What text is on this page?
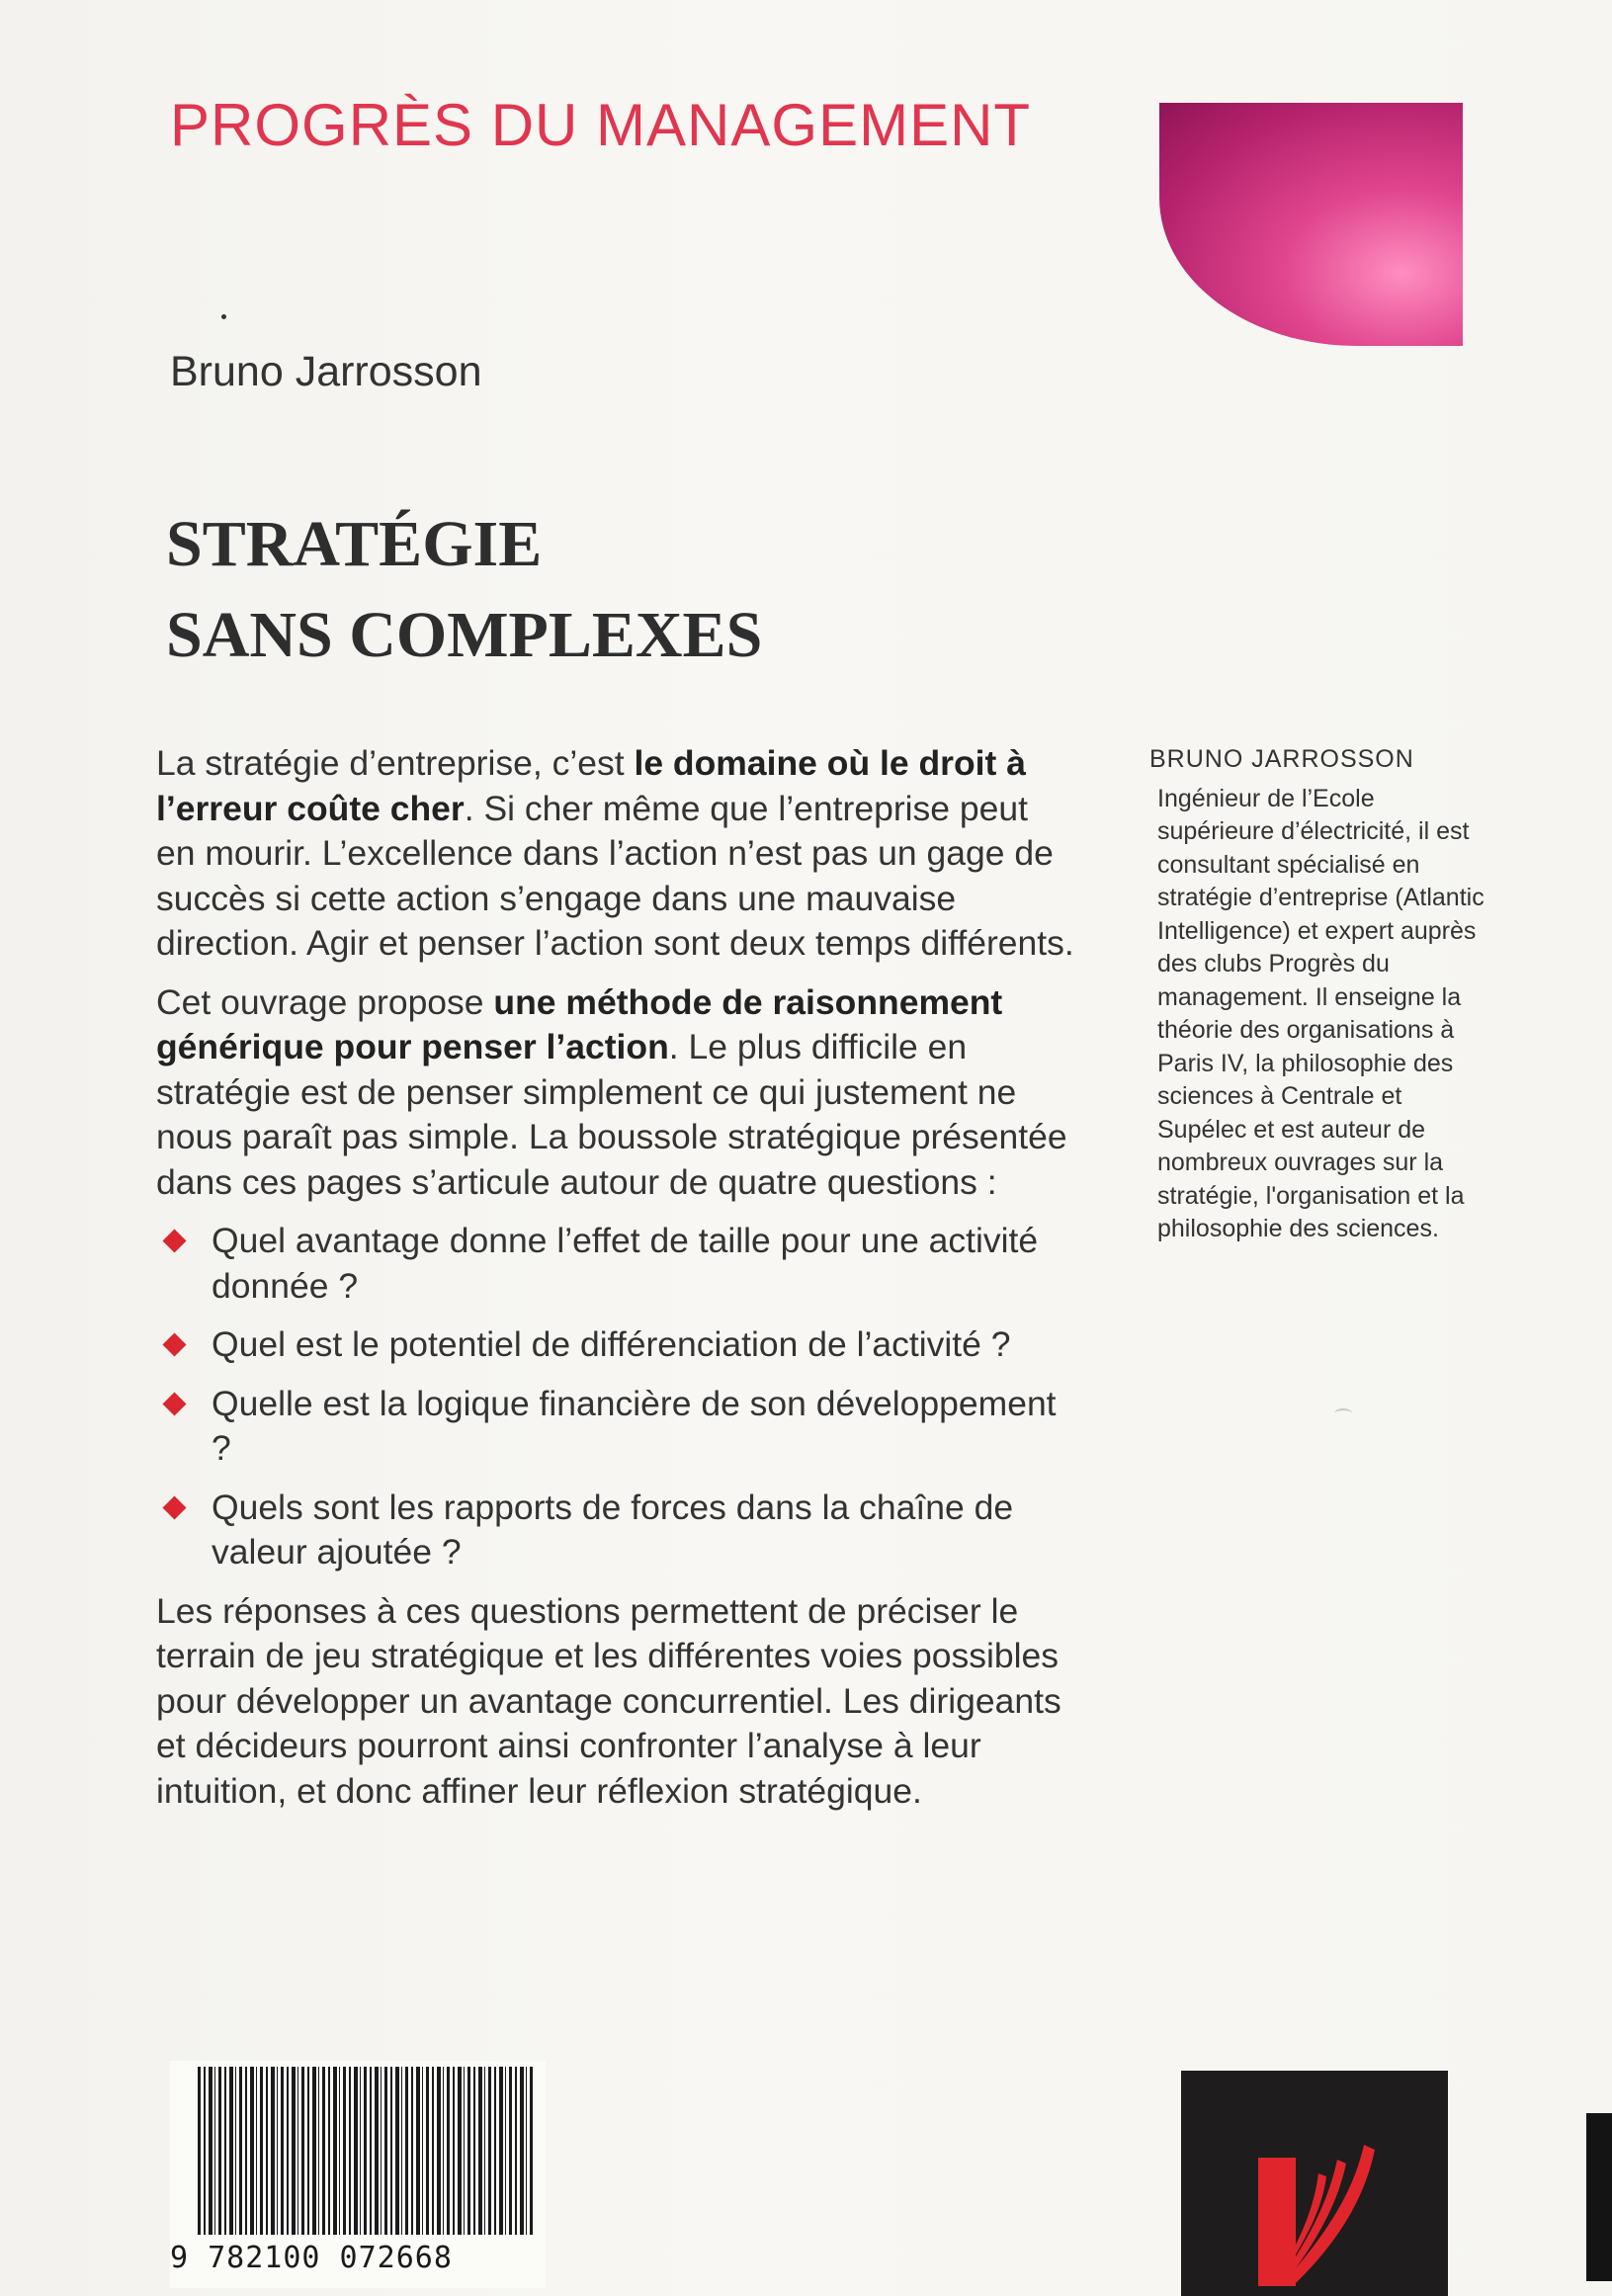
PROGRÈS DU MANAGEMENT
Bruno Jarrosson
STRATÉGIE
SANS COMPLEXES

La stratégie d’entreprise, c’est le domaine où le droit à l’erreur coûte cher. Si cher même que l’entreprise peut en mourir. L’excellence dans l’action n’est pas un gage de succès si cette action s’engage dans une mauvaise direction. Agir et penser l’action sont deux temps différents.

Cet ouvrage propose une méthode de raisonnement générique pour penser l’action. Le plus difficile en stratégie est de penser simplement ce qui justement ne nous paraît pas simple. La boussole stratégique présentée dans ces pages s’articule autour de quatre questions :

Quel avantage donne l’effet de taille pour une activité donnée ?
Quel est le potentiel de différenciation de l’activité ?
Quelle est la logique financière de son développement ?
Quels sont les rapports de forces dans la chaîne de valeur ajoutée ?

Les réponses à ces questions permettent de préciser le terrain de jeu stratégique et les différentes voies possibles pour développer un avantage concurrentiel. Les dirigeants et décideurs pourront ainsi confronter l’analyse à leur intuition, et donc affiner leur réflexion stratégique.

BRUNO JARROSSON
Ingénieur de l’Ecole supérieure d’électricité, il est consultant spécialisé en stratégie d’entreprise (Atlantic Intelligence) et expert auprès des clubs Progrès du management. Il enseigne la théorie des organisations à Paris IV, la philosophie des sciences à Centrale et Supélec et est auteur de nombreux ouvrages sur la stratégie, l'organisation et la philosophie des sciences.
9 782100 072668
